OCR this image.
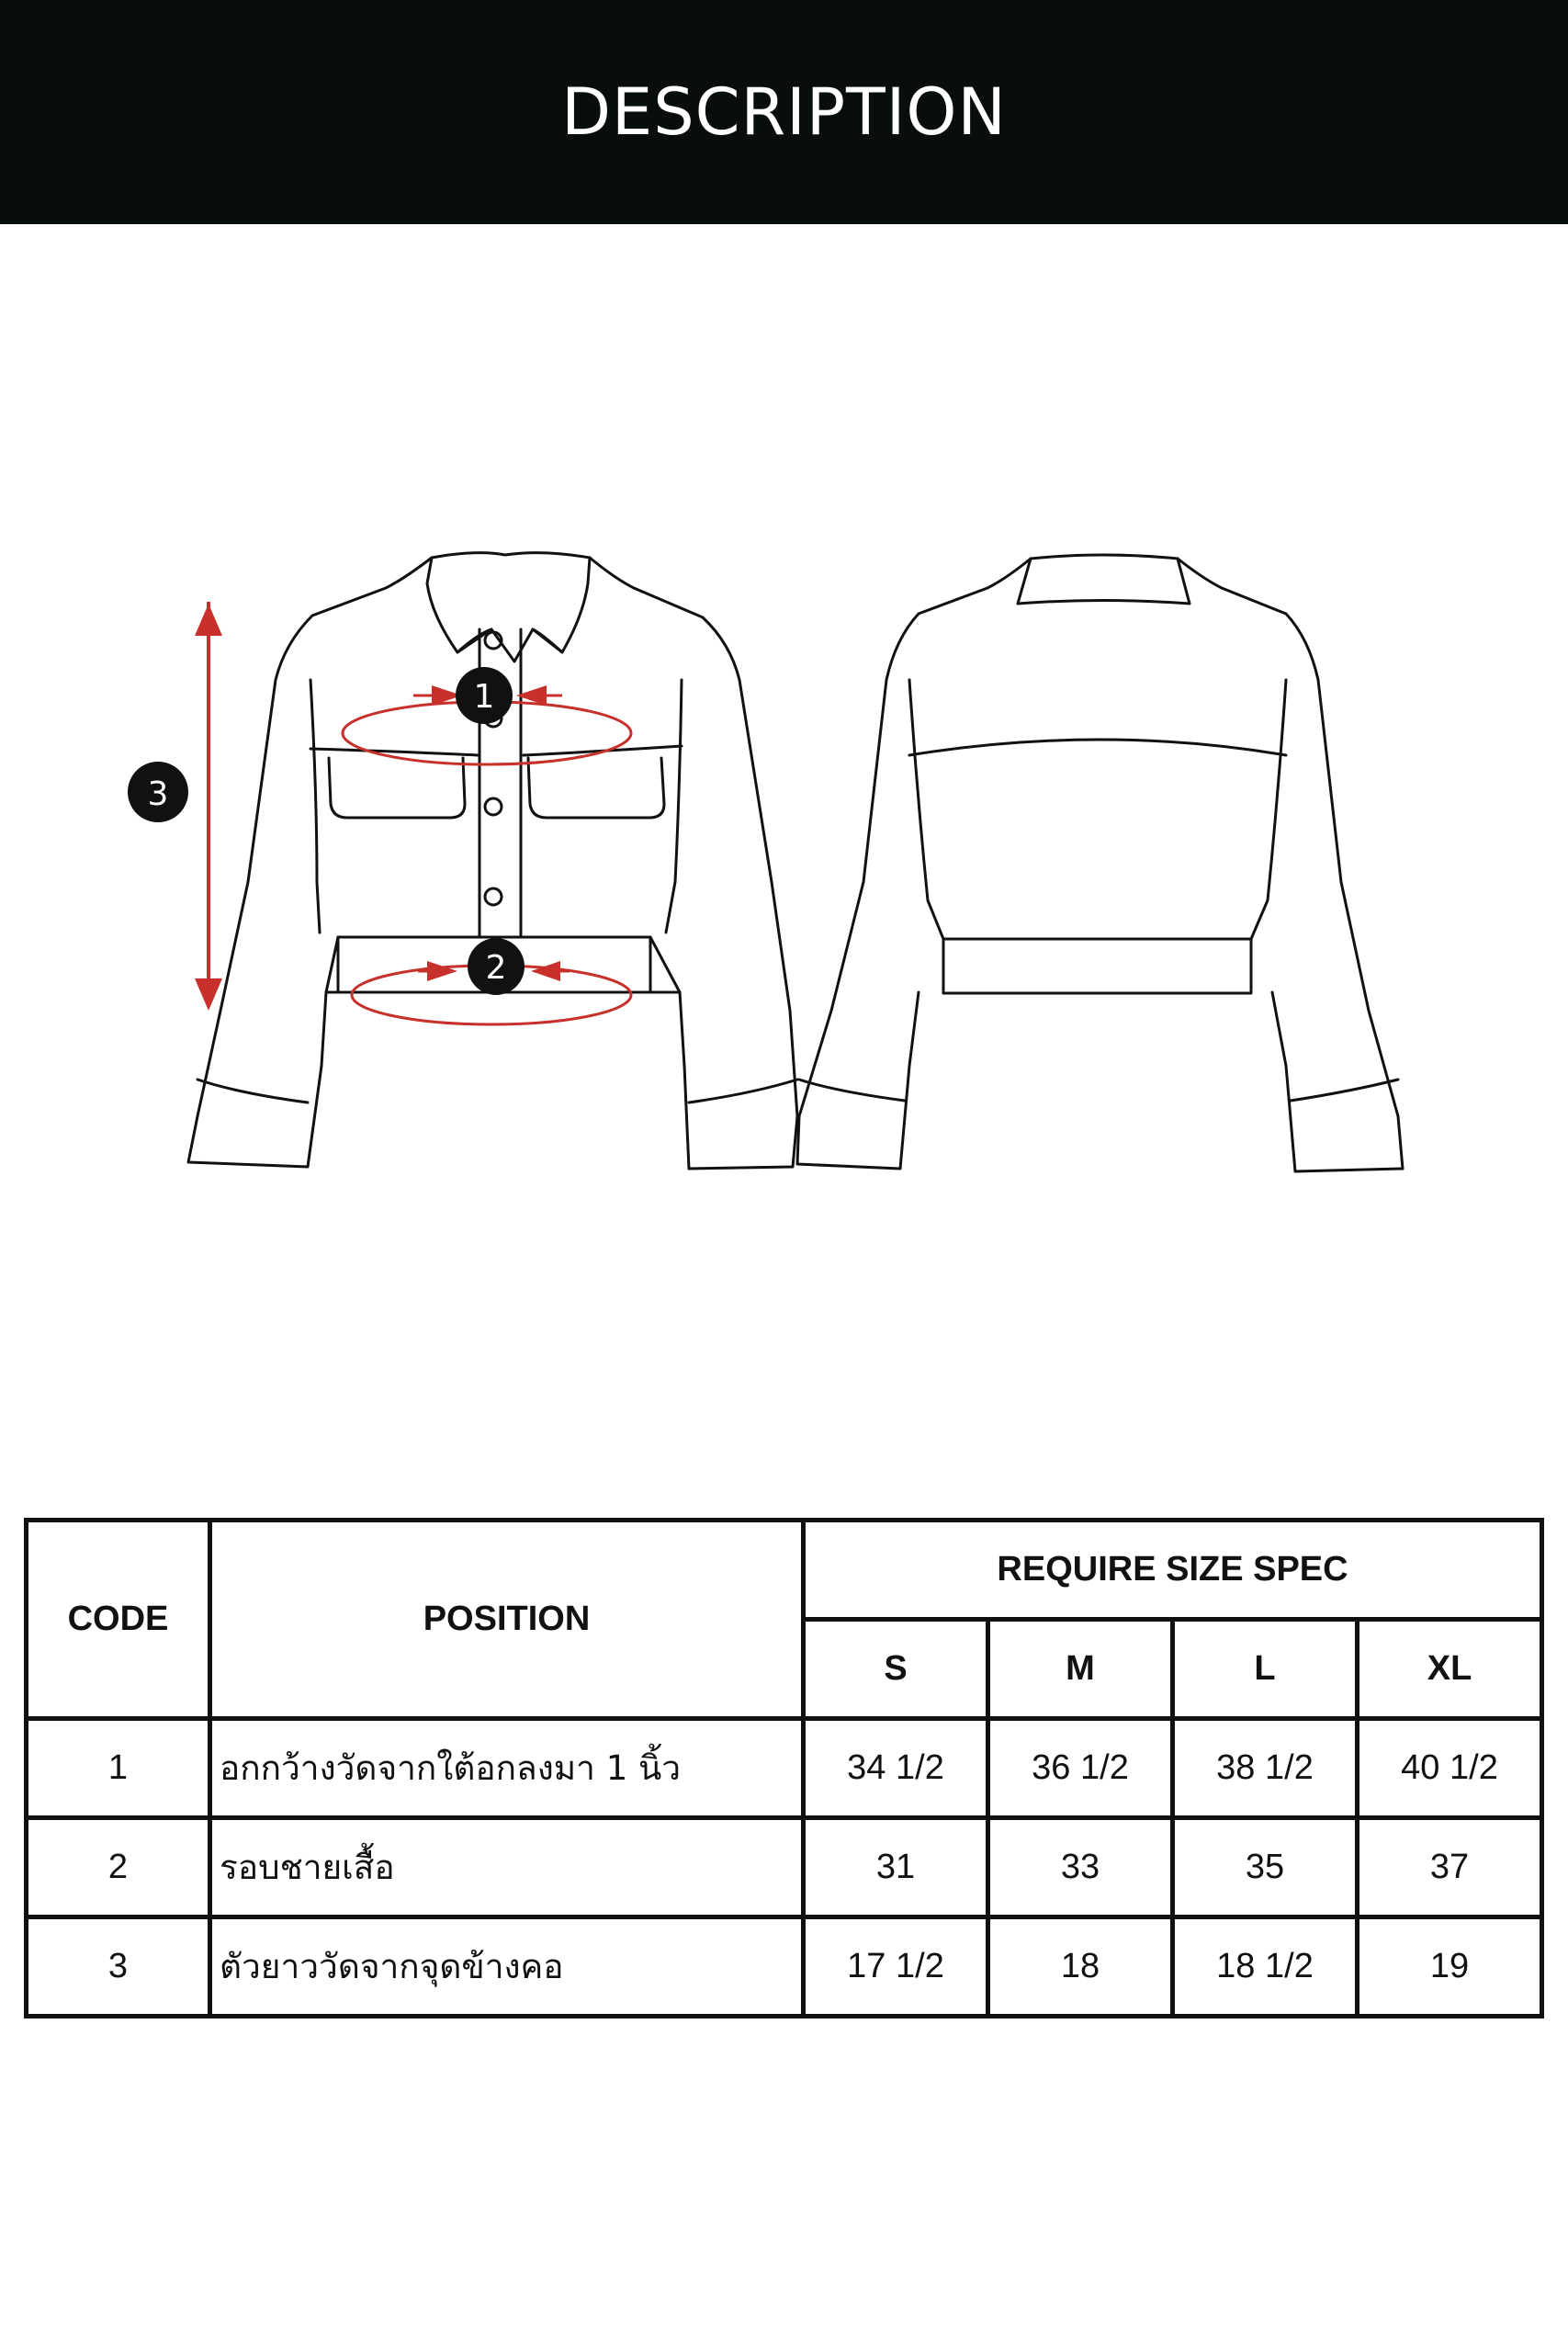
DESCRIPTION
1
2
3
CODE	POSITION	REQUIRE SIZE SPEC			
		S	M	L	XL
1	อกกว้างวัดจากใต้อกลงมา 1 นิ้ว	34 1/2	36 1/2	38 1/2	40 1/2
2	รอบชายเสื้อ	31	33	35	37
3	ตัวยาววัดจากจุดข้างคอ	17 1/2	18	18 1/2	19
